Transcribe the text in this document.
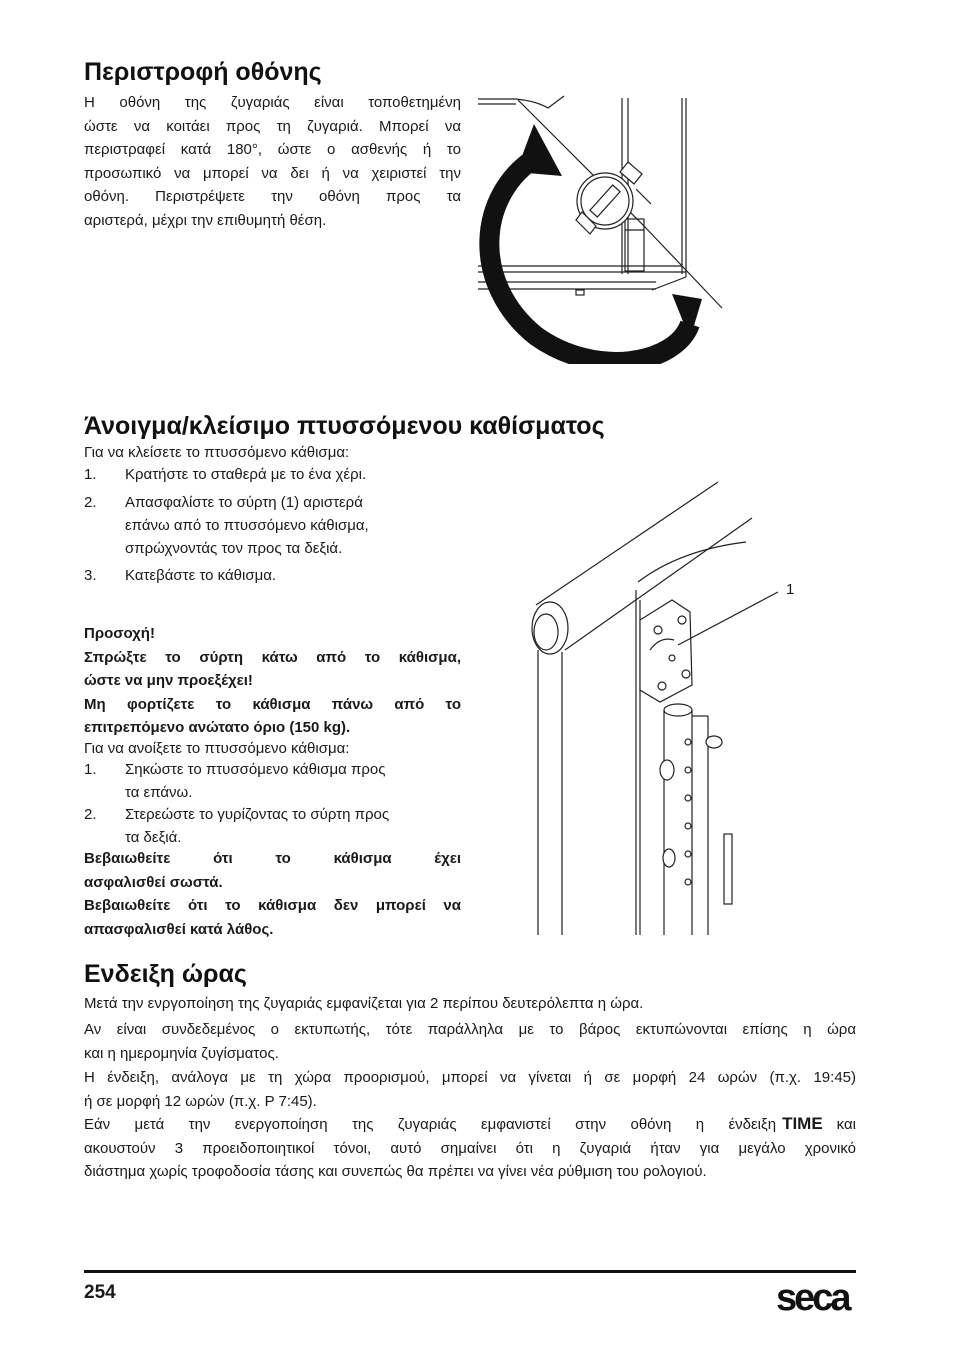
Περιστροφή οθόνης
Η οθόνη της ζυγαριάς είναι τοποθετημένη
ώστε να κοιτάει προς τη ζυγαριά. Μπορεί να
περιστραφεί κατά 180°, ώστε ο ασθενής ή το
προσωπικό να μπορεί να δει ή να χειριστεί την
οθόνη. Περιστρέψετε την οθόνη προς τα
αριστερά, μέχρι την επιθυμητή θέση.
Άνοιγμα/κλείσιμο πτυσσόμενου καθίσματος
Για να κλείσετε το πτυσσόμενο κάθισμα:
1. Κρατήστε το σταθερά με το ένα χέρι.
2. Απασφαλίστε το σύρτη (1) αριστερά
επάνω από το πτυσσόμενο κάθισμα,
σπρώχνοντάς τον προς τα δεξιά.
3. Κατεβάστε το κάθισμα.
Προσοχή!
Σπρώξτε το σύρτη κάτω από το κάθισμα,
ώστε να μην προεξέχει!
Μη φορτίζετε το κάθισμα πάνω από το
επιτρεπόμενο ανώτατο όριο (150 kg).
Για να ανοίξετε το πτυσσόμενο κάθισμα:
1. Σηκώστε το πτυσσόμενο κάθισμα προς
τα επάνω.
2. Στερεώστε το γυρίζοντας το σύρτη προς
τα δεξιά.
Βεβαιωθείτε ότι το κάθισμα έχει
ασφαλισθεί σωστά.
Βεβαιωθείτε ότι το κάθισμα δεν μπορεί να
απασφαλισθεί κατά λάθος.
1
Ενδειξη ώρας
Μετά την ενργοποίηση της ζυγαριάς εμφανίζεται για 2 περίπου δευτερόλεπτα η ώρα.
Αν είναι συνδεδεμένος ο εκτυπωτής, τότε παράλληλα με το βάρος εκτυπώνονται επίσης η ώρα
και η ημερομηνία ζυγίσματος.
Η ένδειξη, ανάλογα με τη χώρα προορισμού, μπορεί να γίνεται ή σε μορφή 24 ωρών (π.χ. 19:45)
ή σε μορφή 12 ωρών (π.χ. P 7:45).
Εάν μετά την ενεργοποίηση της ζυγαριάς εμφανιστεί στην οθόνη η ένδειξη TIME και
ακουστούν 3 προειδοποιητικοί τόνοι, αυτό σημαίνει ότι η ζυγαριά ήταν για μεγάλο χρονικό
διάστημα χωρίς τροφοδοσία τάσης και συνεπώς θα πρέπει να γίνει νέα ρύθμιση του ρολογιού.
254	seca
